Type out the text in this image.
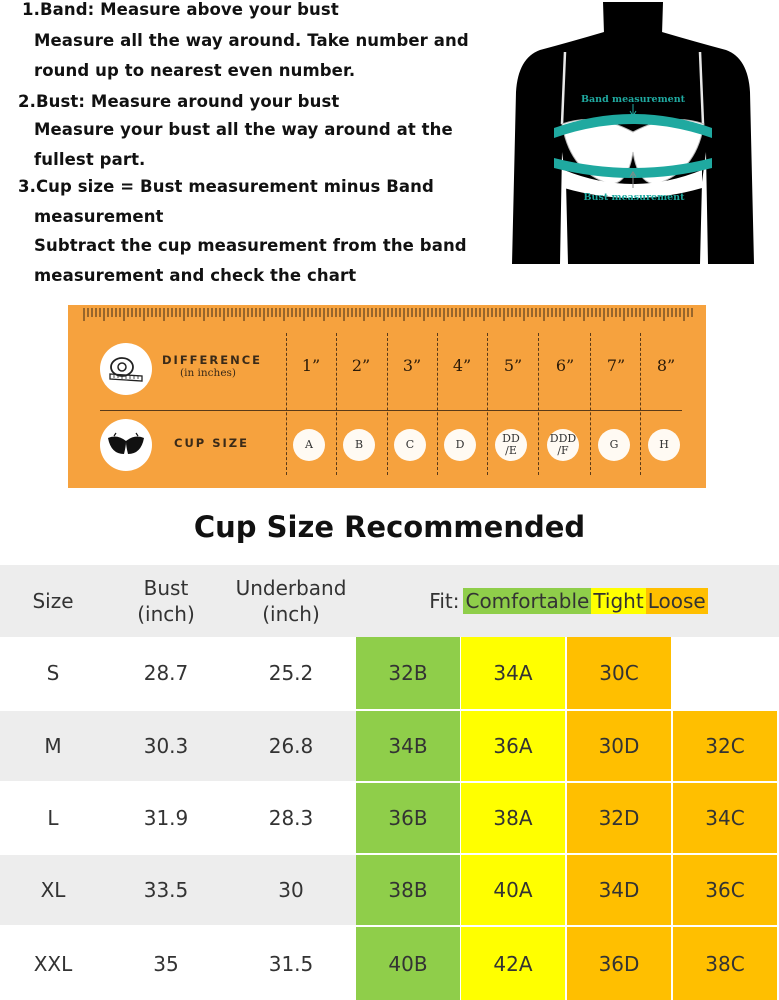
1.Band: Measure above your bust
Measure all the way around. Take number and
round up to nearest even number.
2.Bust: Measure around your bust
Measure your bust all the way around at the
fullest part.
3.Cup size = Bust measurement minus Band
measurement
Subtract the cup measurement from the band
measurement and check the chart
Band measurement
Bust measurement
DIFFERENCE
(in inches)
CUP SIZE
1”	2”	3”	4”	5”	6”	7”	8”
A	B	C	D	DD
/E
DDD
/F	G	H
Cup Size Recommended
Size
Bust
(inch)
Underband
(inch)
Fit: Comfortable Tight Loose
S	28.7	25.2	32B	34A	30C
M	30.3	26.8	34B	36A	30D	32C
L	31.9	28.3	36B	38A	32D	34C
XL	33.5	30	38B	40A	34D	36C
XXL	35	31.5	40B	42A	36D	38C
